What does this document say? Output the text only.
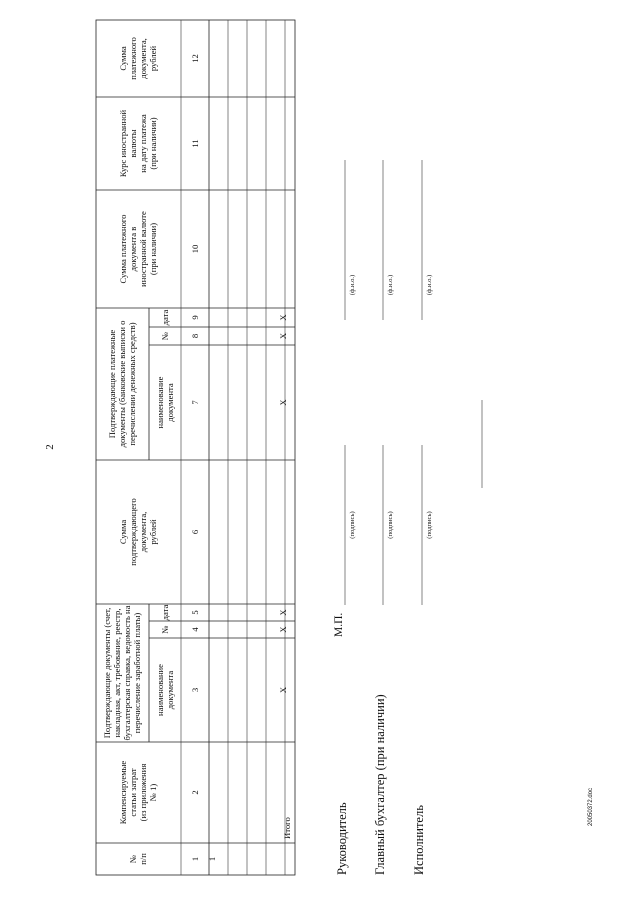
2
№п/п
Компенсируемыестатьи затрат(из приложения№ 1)
Подтверждающие документы (счет,накладная, акт, требование, реестр,бухгалтерская справка, ведомость наперечисление заработной платы) наименованиедокумента
№
дата
Суммаподтверждающегодокумента,рублей
Подтверждающие платежныедокументы (банковские выписки оперечислении денежных средств) наименованиедокумента
№
дата
Сумма платежногодокумента виностранной валюте(при наличии)
Курс иностраннойвалютына дату платежа(при наличии)
Суммаплатежногодокумента,рублей
1
2
3
4
5
6
7
8
9
10
11
12
1
Итого
X
X
X
X
X
X
Руководитель
(подпись)
(ф.и.о.)
Главный бухгалтер (при наличии)
(подпись)
(ф.и.о.)
Исполнитель
(подпись)
(ф.и.о.)
М.П.
20050372.doc
